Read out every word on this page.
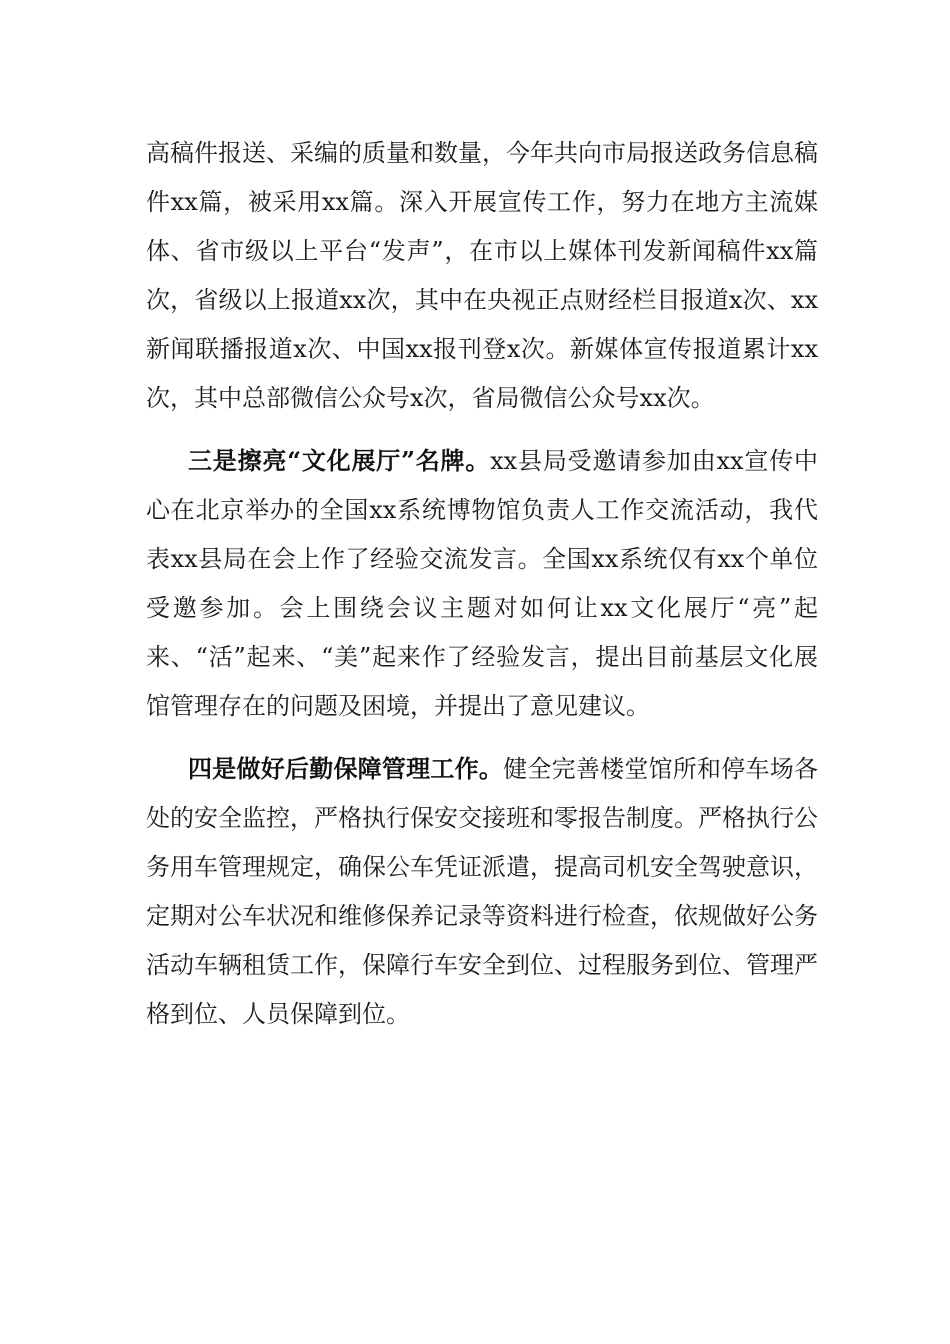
高稿件报送、采编的质量和数量，今年共向市局报送政务信息稿件xx篇，被采用xx篇。深入开展宣传工作，努力在地方主流媒体、省市级以上平台“发声”，在市以上媒体刊发新闻稿件xx篇次，省级以上报道xx次，其中在央视正点财经栏目报道x次、xx新闻联播报道x次、中国xx报刊登x次。新媒体宣传报道累计xx次，其中总部微信公众号x次，省局微信公众号xx次。

三是擦亮“文化展厅”名牌。xx县局受邀请参加由xx宣传中心在北京举办的全国xx系统博物馆负责人工作交流活动，我代表xx县局在会上作了经验交流发言。全国xx系统仅有xx个单位受邀参加。会上围绕会议主题对如何让xx文化展厅“亮”起来、“活”起来、“美”起来作了经验发言，提出目前基层文化展馆管理存在的问题及困境，并提出了意见建议。

四是做好后勤保障管理工作。健全完善楼堂馆所和停车场各处的安全监控，严格执行保安交接班和零报告制度。严格执行公务用车管理规定，确保公车凭证派遣，提高司机安全驾驶意识，定期对公车状况和维修保养记录等资料进行检查，依规做好公务活动车辆租赁工作，保障行车安全到位、过程服务到位、管理严格到位、人员保障到位。
